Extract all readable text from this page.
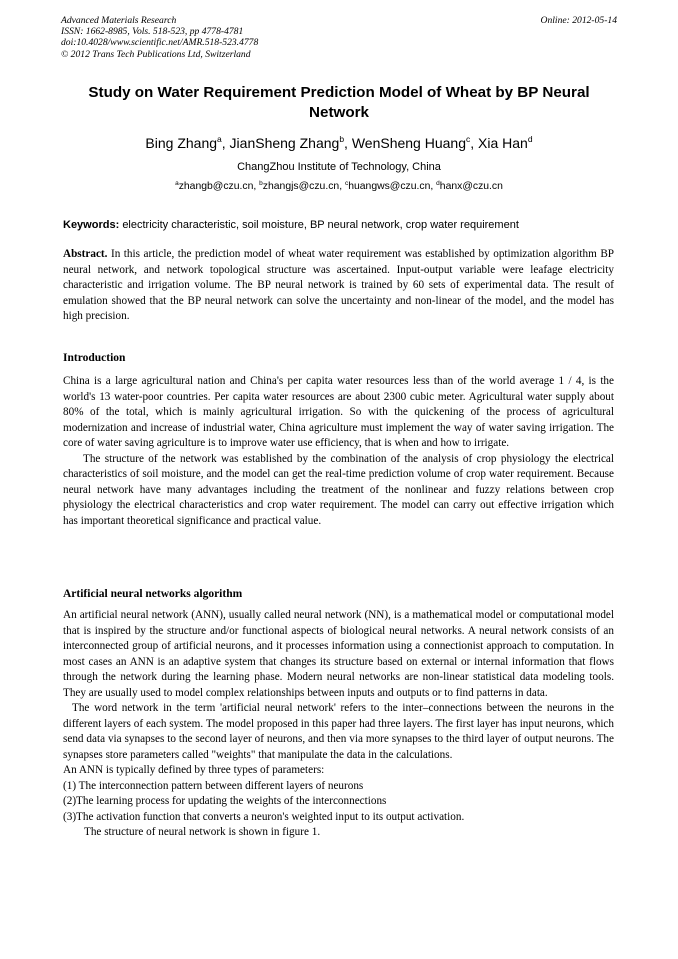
Advanced Materials Research
ISSN: 1662-8985, Vols. 518-523, pp 4778-4781
doi:10.4028/www.scientific.net/AMR.518-523.4778
© 2012 Trans Tech Publications Ltd, Switzerland
Online: 2012-05-14
Study on Water Requirement Prediction Model of Wheat by BP Neural Network
Bing Zhang$^a$, JianSheng Zhang$^b$, WenSheng Huang$^c$, Xia Han$^d$
ChangZhou Institute of Technology, China
$^a$zhangb@czu.cn, $^b$zhangjs@czu.cn, $^c$huangws@czu.cn, $^d$hanx@czu.cn
Keywords: electricity characteristic, soil moisture, BP neural network, crop water requirement

Abstract. In this article, the prediction model of wheat water requirement was established by optimization algorithm BP neural network, and network topological structure was ascertained. Input-output variable were leafage electricity characteristic and irrigation volume. The BP neural network is trained by 60 sets of experimental data. The result of emulation showed that the BP neural network can solve the uncertainty and non-linear of the model, and the model has high precision.

Introduction

China is a large agricultural nation and China's per capita water resources less than of the world average 1 / 4, is the world's 13 water-poor countries. Per capita water resources are about 2300 cubic meter. Agricultural water supply about 80% of the total, which is mainly agricultural irrigation. So with the quickening of the process of agricultural modernization and increase of industrial water, China agriculture must implement the way of water saving irrigation. The core of water saving agriculture is to improve water use efficiency, that is when and how to irrigate.

The structure of the network was established by the combination of the analysis of crop physiology the electrical characteristics of soil moisture, and the model can get the real-time prediction volume of crop water requirement. Because neural network have many advantages including the treatment of the nonlinear and fuzzy relations between crop physiology the electrical characteristics and crop water requirement. The model can carry out effective irrigation which has important theoretical significance and practical value.

Artificial neural networks algorithm

An artificial neural network (ANN), usually called neural network (NN), is a mathematical model or computational model that is inspired by the structure and/or functional aspects of biological neural networks. A neural network consists of an interconnected group of artificial neurons, and it processes information using a connectionist approach to computation. In most cases an ANN is an adaptive system that changes its structure based on external or internal information that flows through the network during the learning phase. Modern neural networks are non-linear statistical data modeling tools. They are usually used to model complex relationships between inputs and outputs or to find patterns in data.

The word network in the term 'artificial neural network' refers to the inter–connections between the neurons in the different layers of each system. The model proposed in this paper had three layers. The first layer has input neurons, which send data via synapses to the second layer of neurons, and then via more synapses to the third layer of output neurons. The synapses store parameters called "weights" that manipulate the data in the calculations.

An ANN is typically defined by three types of parameters:

(1) The interconnection pattern between different layers of neurons

(2)The learning process for updating the weights of the interconnections

(3)The activation function that converts a neuron's weighted input to its output activation.

The structure of neural network is shown in figure 1.
